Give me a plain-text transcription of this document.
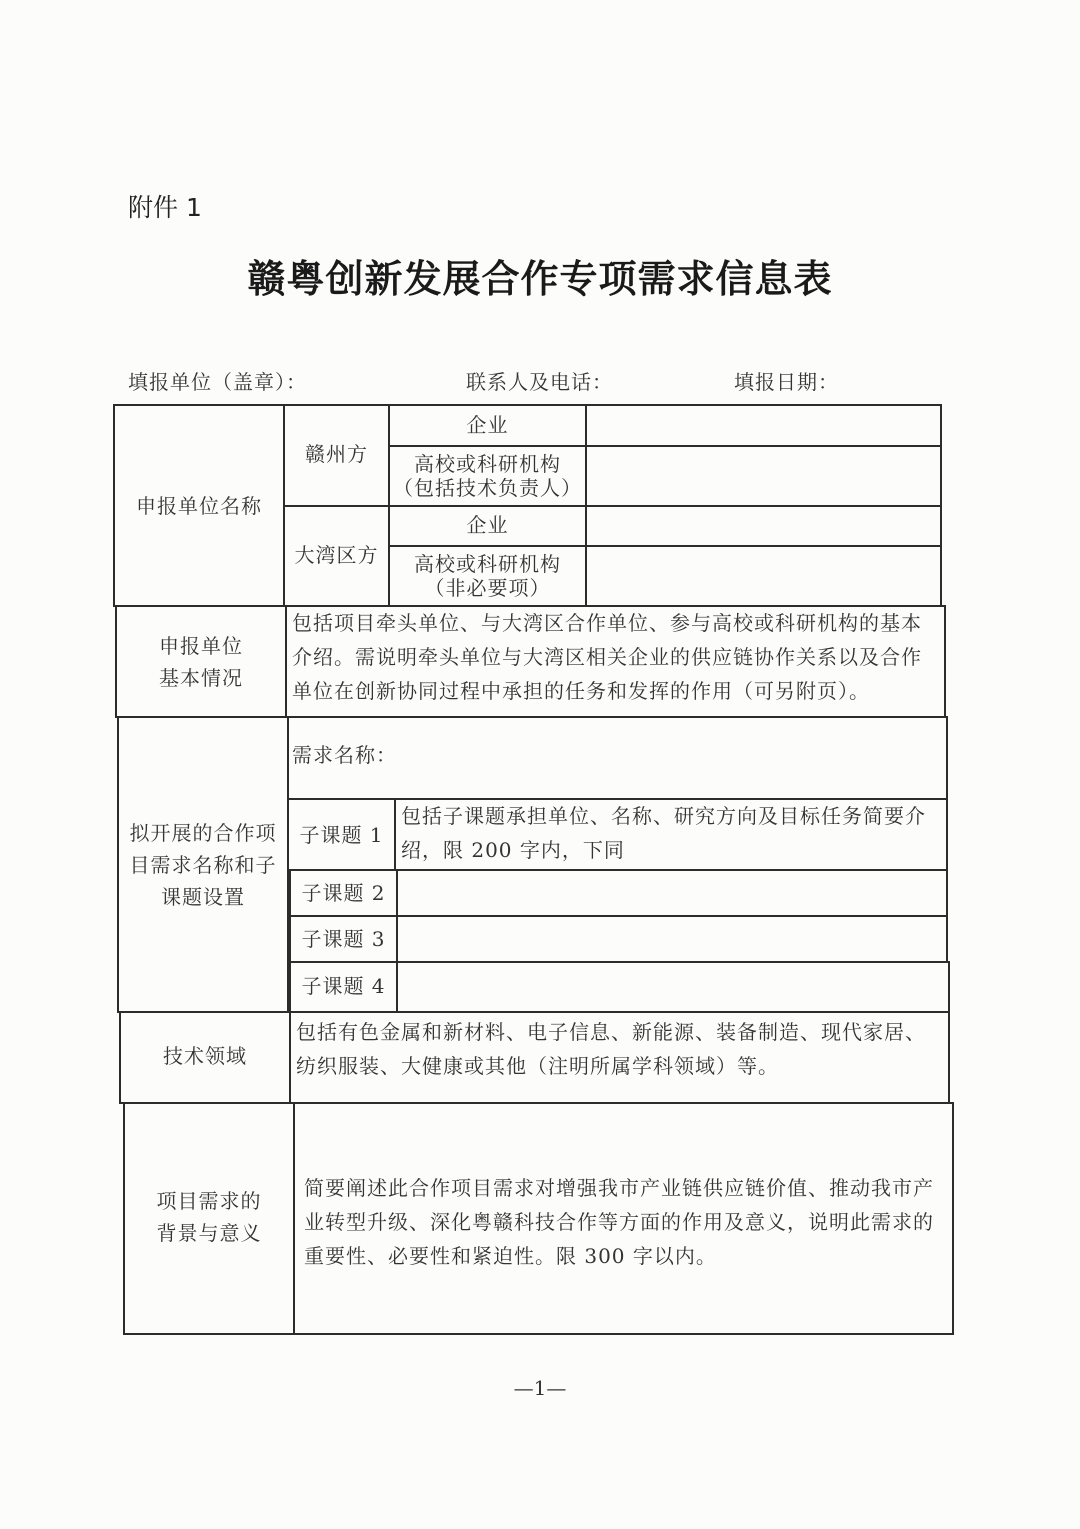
附件 1
赣粤创新发展合作专项需求信息表
填报单位（盖章）：	联系人及电话：	填报日期：
申报单位名称
赣州方
大湾区方
企业
高校或科研机构
（包括技术负责人）
企业
高校或科研机构
（非必要项）
申报单位
基本情况
包括项目牵头单位、与大湾区合作单位、参与高校或科研机构的基本介绍。需说明牵头单位与大湾区相关企业的供应链协作关系以及合作单位在创新协同过程中承担的任务和发挥的作用（可另附页）。
拟开展的合作项
目需求名称和子
课题设置
需求名称：
子课题 1
包括子课题承担单位、名称、研究方向及目标任务简要介绍，限 200 字内，下同
子课题 2
子课题 3
子课题 4
技术领域
包括有色金属和新材料、电子信息、新能源、装备制造、现代家居、纺织服装、大健康或其他（注明所属学科领域）等。
项目需求的
背景与意义
简要阐述此合作项目需求对增强我市产业链供应链价值、推动我市产业转型升级、深化粤赣科技合作等方面的作用及意义，说明此需求的重要性、必要性和紧迫性。限 300 字以内。
—1—
